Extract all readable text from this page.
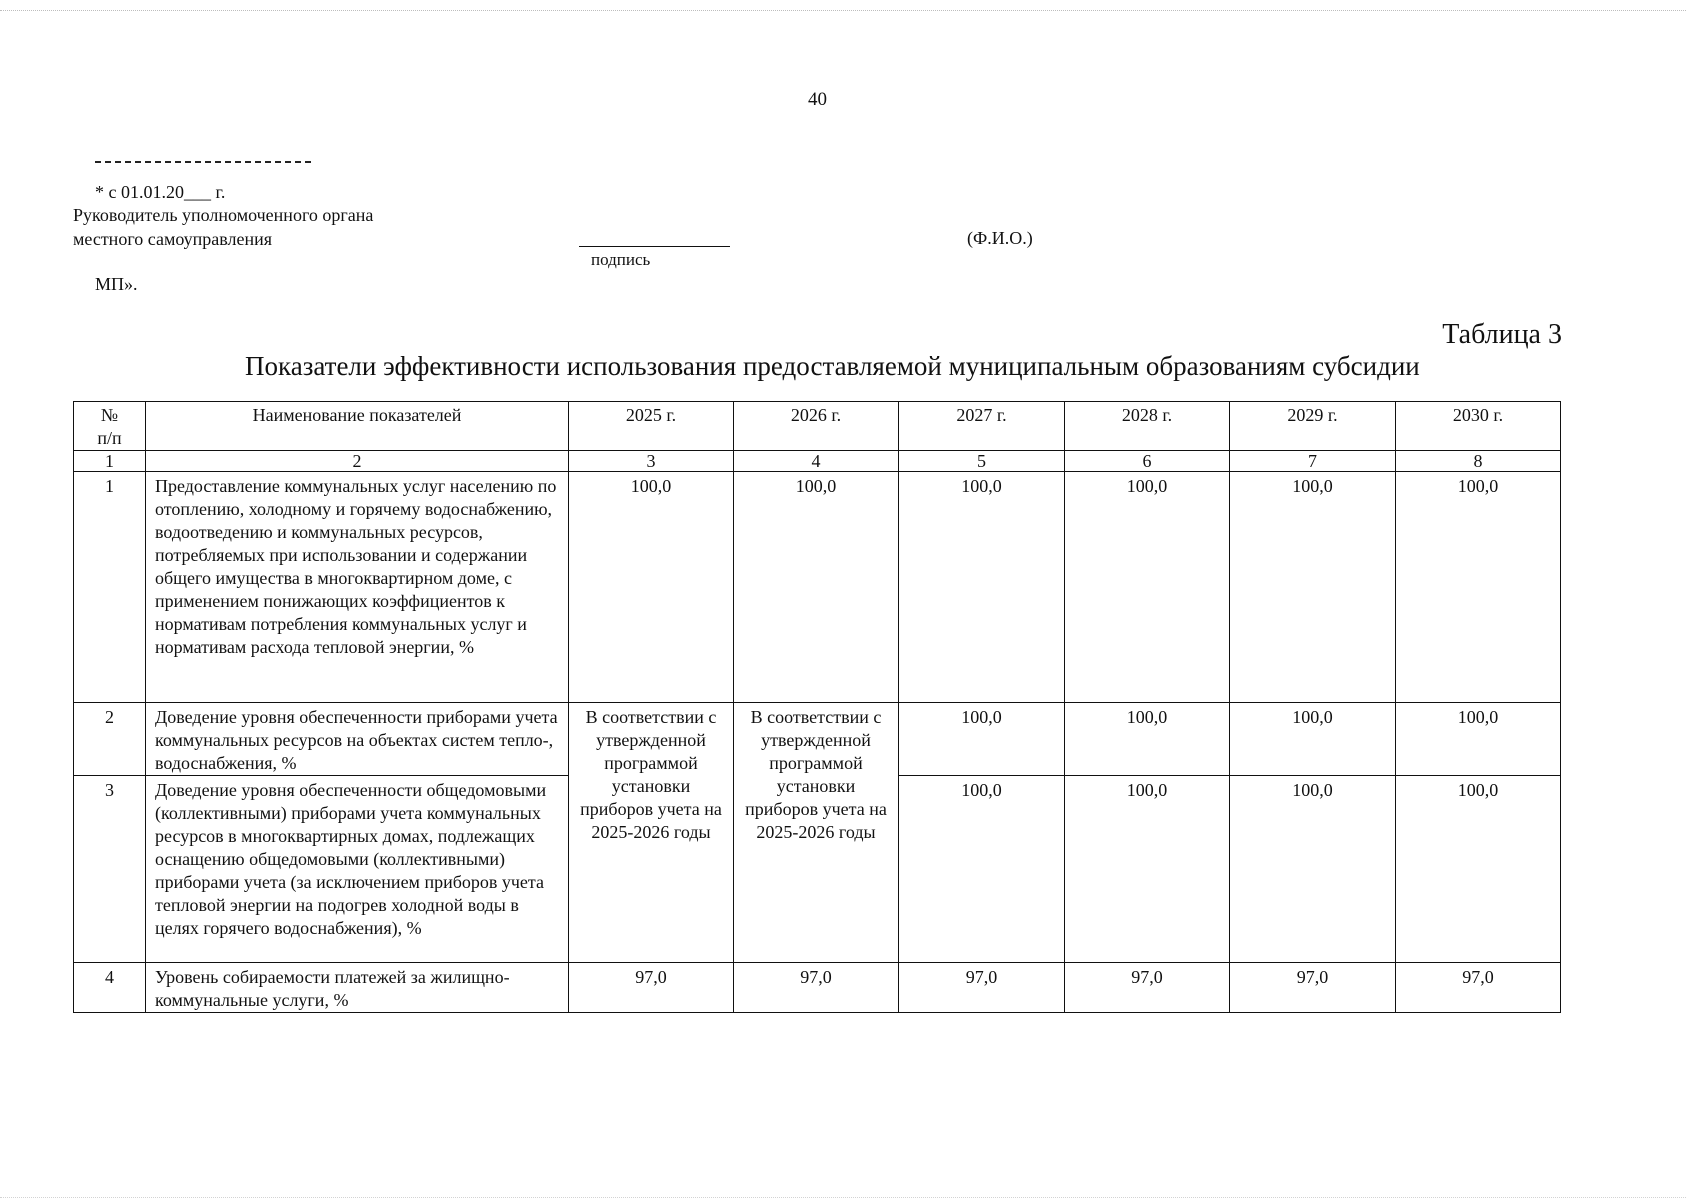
40
* с 01.01.20___ г.
Руководитель уполномоченного органа
местного самоуправления
подпись
(Ф.И.О.)
МП».
Таблица 3
Показатели эффективности использования предоставляемой муниципальным образованиям субсидии
№
п/п	Наименование показателей	2025 г.	2026 г.	2027 г.	2028 г.	2029 г.	2030 г.
1	2	3	4	5	6	7	8
1	Предоставление коммунальных услуг населению по отоплению, холодному и горячему водоснабжению, водоотведению и коммунальных ресурсов, потребляемых при использовании и содержании общего имущества в многоквартирном доме, с применением понижающих коэффициентов к нормативам потребления коммунальных услуг и нормативам расхода тепловой энергии, %	100,0	100,0	100,0	100,0	100,0	100,0
2	Доведение уровня обеспеченности приборами учета коммунальных ресурсов на объектах систем тепло-, водоснабжения, %	В соответствии с утвержденной программой установки приборов учета на 2025-2026 годы	В соответствии с утвержденной программой установки приборов учета на 2025-2026 годы	100,0	100,0	100,0	100,0
3	Доведение уровня обеспеченности общедомовыми (коллективными) приборами учета коммунальных ресурсов в многоквартирных домах, подлежащих оснащению общедомовыми (коллективными) приборами учета (за исключением приборов учета тепловой энергии на подогрев холодной воды в целях горячего водоснабжения), %			100,0	100,0	100,0	100,0
4	Уровень собираемости платежей за жилищно-коммунальные услуги, %	97,0	97,0	97,0	97,0	97,0	97,0
